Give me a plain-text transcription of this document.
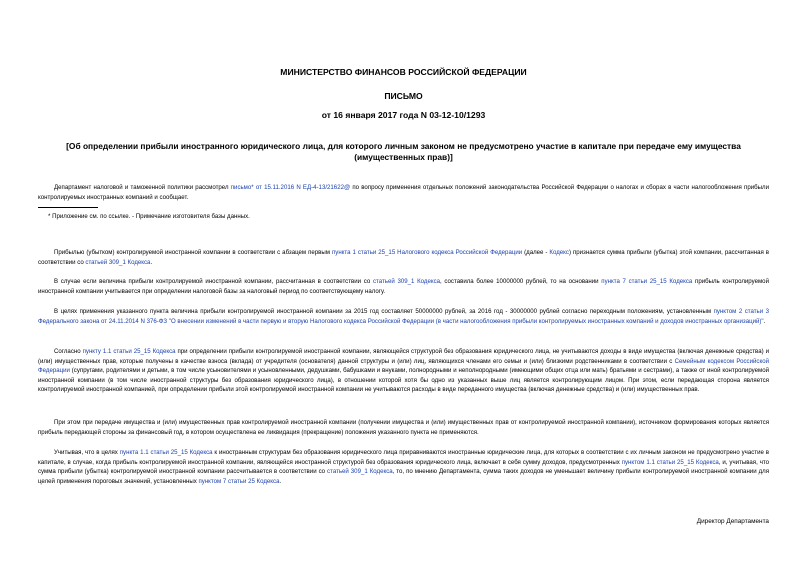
МИНИСТЕРСТВО ФИНАНСОВ РОССИЙСКОЙ ФЕДЕРАЦИИ
ПИСЬМО
от 16 января 2017 года N 03-12-10/1293
[Об определении прибыли иностранного юридического лица, для которого личным законом не предусмотрено участие в капитале при передаче ему имущества (имущественных прав)]
Департамент налоговой и таможенной политики рассмотрел письмо* от 15.11.2016 N ЕД-4-13/21622@ по вопросу применения отдельных положений законодательства Российской Федерации о налогах и сборах в части налогообложения прибыли контролируемых иностранных компаний и сообщает.
* Приложение см. по ссылке. - Примечание изготовителя базы данных.
Прибылью (убытком) контролируемой иностранной компании в соответствии с абзацем первым пункта 1 статьи 25_15 Налогового кодекса Российской Федерации (далее - Кодекс) признается сумма прибыли (убытка) этой компании, рассчитанная в соответствии со статьей 309_1 Кодекса.
В случае если величина прибыли контролируемой иностранной компании, рассчитанная в соответствии со статьей 309_1 Кодекса, составила более 10000000 рублей, то на основании пункта 7 статьи 25_15 Кодекса прибыль контролируемой иностранной компании учитывается при определении налоговой базы за налоговый период по соответствующему налогу.
В целях применения указанного пункта величина прибыли контролируемой иностранной компании за 2015 год составляет 50000000 рублей, за 2016 год - 30000000 рублей согласно переходным положениям, установленным пунктом 2 статьи 3 Федерального закона от 24.11.2014 N 376-ФЗ "О внесении изменений в части первую и вторую Налогового кодекса Российской Федерации (в части налогообложения прибыли контролируемых иностранных компаний и доходов иностранных организаций)".
Согласно пункту 1.1 статьи 25_15 Кодекса при определении прибыли контролируемой иностранной компании, являющейся структурой без образования юридического лица, не учитываются доходы в виде имущества (включая денежные средства) и (или) имущественных прав, которые получены в качестве взноса (вклада) от учредителя (основателя) данной структуры и (или) лиц, являющихся членами его семьи и (или) близкими родственниками в соответствии с Семейным кодексом Российской Федерации (супругами, родителями и детьми, в том числе усыновителями и усыновленными, дедушками, бабушками и внуками, полнородными и неполнородными (имеющими общих отца или мать) братьями и сестрами), а также от иной контролируемой иностранной компании (в том числе иностранной структуры без образования юридического лица), в отношении которой хотя бы одно из указанных выше лиц является контролирующим лицом. При этом, если передающая сторона является контролируемой иностранной компанией, при определении прибыли этой контролируемой иностранной компании не учитываются расходы в виде переданного имущества (включая денежные средства) и (или) имущественных прав.
При этом при передаче имущества и (или) имущественных прав контролируемой иностранной компании (получении имущества и (или) имущественных прав от контролируемой иностранной компании), источником формирования которых является прибыль передающей стороны за финансовый год, в котором осуществлена ее ликвидация (прекращение) положения указанного пункта не применяются.
Учитывая, что в целях пункта 1.1 статьи 25_15 Кодекса к иностранным структурам без образования юридического лица приравниваются иностранные юридические лица, для которых в соответствии с их личным законом не предусмотрено участие в капитале, в случае, когда прибыль контролируемой иностранной компании, являющейся иностранной структурой без образования юридического лица, включает в себя сумму доходов, предусмотренных пунктом 1.1 статьи 25_15 Кодекса, и, учитывая, что сумма прибыли (убытка) контролируемой иностранной компании рассчитывается в соответствии со статьей 309_1 Кодекса, то, по мнению Департамента, сумма таких доходов не уменьшает величину прибыли контролируемой иностранной компании для целей применения пороговых значений, установленных пунктом 7 статьи 25 Кодекса.
Директор Департамента
